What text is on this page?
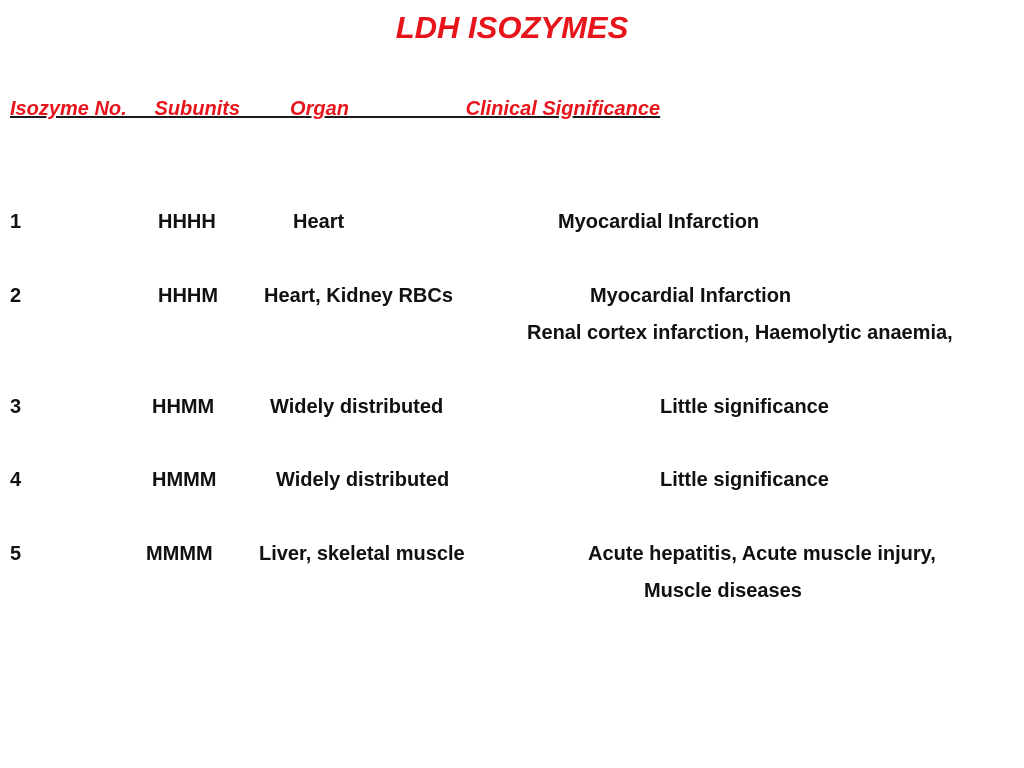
LDH ISOZYMES
Isozyme No.     Subunits         Organ                     Clinical Significance
1	HHHH	Heart	Myocardial Infarction
2	HHHM Heart, Kidney RBCs	Myocardial Infarction
Renal cortex infarction, Haemolytic anaemia,
3	HHMM	Widely distributed	Little significance
4	HMMM	Widely distributed	Little significance
5	MMMM Liver, skeletal muscle	Acute hepatitis, Acute muscle injury,
Muscle diseases
